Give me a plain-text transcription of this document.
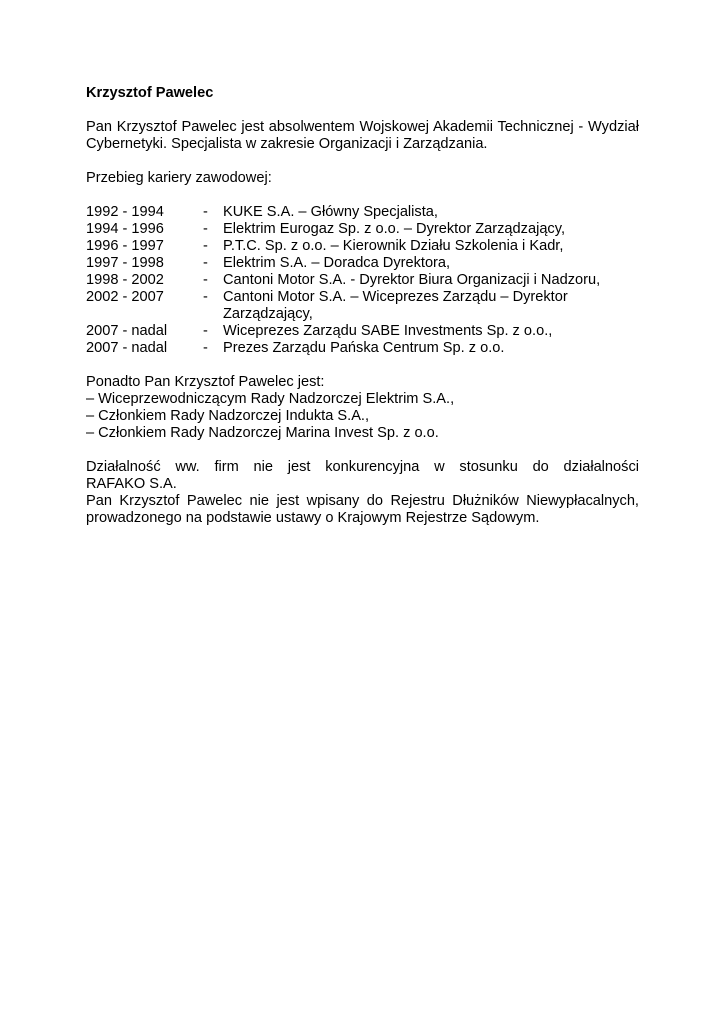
Krzysztof Pawelec

Pan Krzysztof Pawelec jest absolwentem Wojskowej Akademii Technicznej - Wydział Cybernetyki. Specjalista w zakresie Organizacji i Zarządzania.

Przebieg kariery zawodowej:

1992 - 1994	-	KUKE S.A. – Główny Specjalista,
1994 - 1996	-	Elektrim Eurogaz Sp. z o.o. – Dyrektor Zarządzający,
1996 - 1997	-	P.T.C. Sp. z o.o. – Kierownik Działu Szkolenia i Kadr,
1997 - 1998	-	Elektrim S.A. – Doradca Dyrektora,
1998 - 2002	-	Cantoni Motor S.A. - Dyrektor Biura Organizacji i Nadzoru,
2002 - 2007	-	Cantoni Motor S.A. – Wiceprezes Zarządu – Dyrektor Zarządzający,
2007 - nadal	-	Wiceprezes Zarządu SABE Investments Sp. z o.o.,
2007 - nadal	-	Prezes Zarządu Pańska Centrum Sp. z o.o.

Ponadto Pan Krzysztof Pawelec jest:

– Wiceprzewodniczącym Rady Nadzorczej Elektrim S.A.,
– Członkiem Rady Nadzorczej Indukta S.A.,
– Członkiem Rady Nadzorczej Marina Invest Sp. z o.o.

Działalność ww. firm nie jest konkurencyjna w stosunku do działalności

RAFAKO S.A.

Pan Krzysztof Pawelec nie jest wpisany do Rejestru Dłużników Niewypłacalnych,

prowadzonego na podstawie ustawy o Krajowym Rejestrze Sądowym.
